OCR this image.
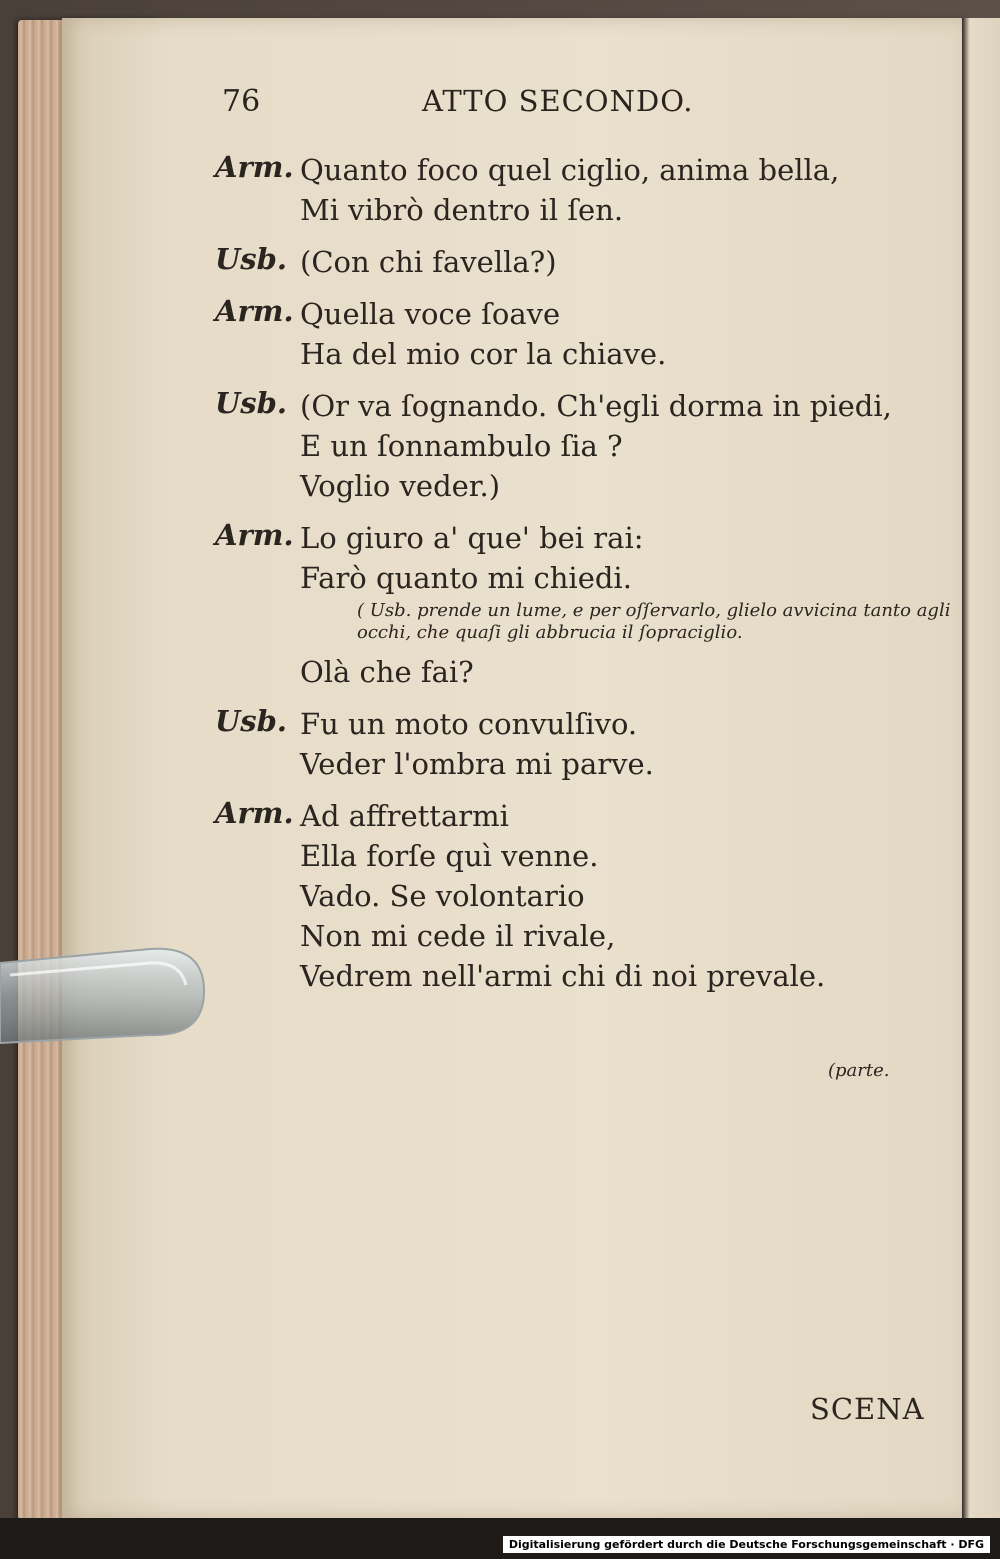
76	ATTO SECONDO.
Arm. Quanto foco quel ciglio, anima bella,
Mi vibrò dentro il ſen.
Usb. (Con chi favella?)
Arm. Quella voce ſoave
Ha del mio cor la chiave.
Usb. (Or va ſognando. Ch'egli dorma in piedi,
E un ſonnambulo ſia ?
Voglio veder.)
Arm. Lo giuro a' que' bei rai:
Farò quanto mi chiedi.
( Usb. prende un lume, e per oſſervarlo, glielo avvicina tanto agli occhi, che quaſi gli abbrucia il ſopraciglio.
Olà che fai?
Usb. Fu un moto convulſivo.
Veder l'ombra mi parve.
Arm. Ad affrettarmi
Ella forſe quì venne.
Vado. Se volontario
Non mi cede il rivale,
Vedrem nell'armi chi di noi prevale.
(parte.
SCENA
Digitalisierung gefördert durch die Deutsche Forschungsgemeinschaft · DFG
